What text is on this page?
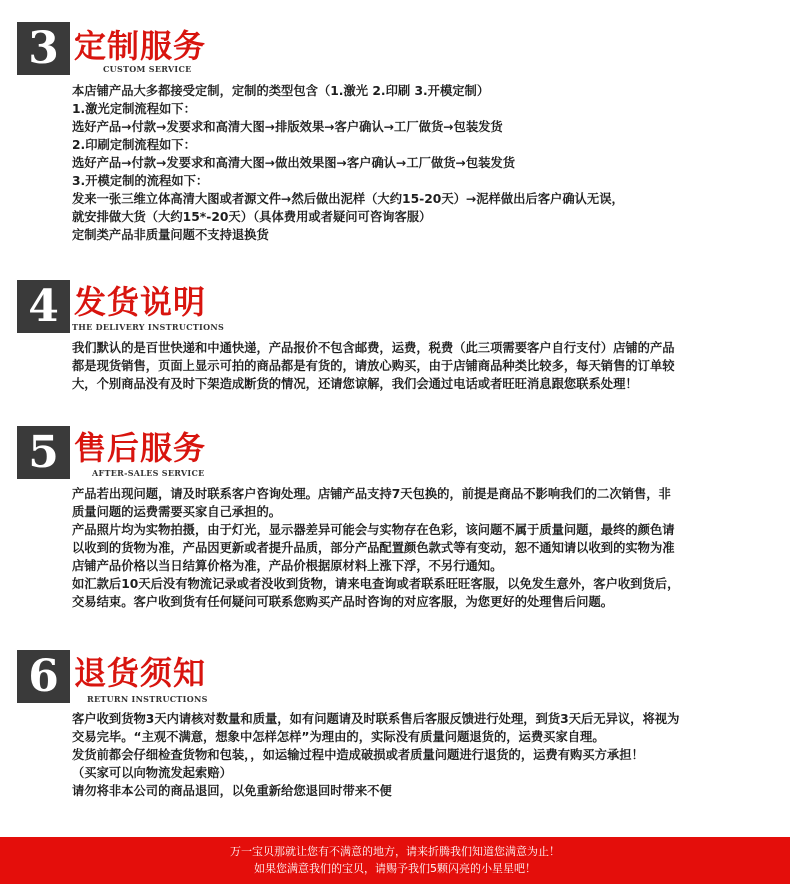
3 定制服务
CUSTOM SERVICE

本店铺产品大多都接受定制，定制的类型包含（1.激光 2.印刷 3.开模定制）

1.激光定制流程如下：

选好产品→付款→发要求和高清大图→排版效果→客户确认→工厂做货→包装发货

2.印刷定制流程如下：

选好产品→付款→发要求和高清大图→做出效果图→客户确认→工厂做货→包装发货

3.开模定制的流程如下：

发来一张三维立体高清大图或者源文件→然后做出泥样（大约15-20天）→泥样做出后客户确认无误，

就安排做大货（大约15*-20天）（具体费用或者疑问可咨询客服）

定制类产品非质量问题不支持退换货

4 发货说明
THE DELIVERY INSTRUCTIONS

我们默认的是百世快递和中通快递，产品报价不包含邮费，运费，税费（此三项需要客户自行支付）店铺的产品

都是现货销售，页面上显示可拍的商品都是有货的，请放心购买，由于店铺商品种类比较多，每天销售的订单较

大，个别商品没有及时下架造成断货的情况，还请您谅解，我们会通过电话或者旺旺消息跟您联系处理！

5 售后服务
AFTER-SALES SERVICE

产品若出现问题，请及时联系客户咨询处理。店铺产品支持7天包换的，前提是商品不影响我们的二次销售，非

质量问题的运费需要买家自己承担的。

产品照片均为实物拍摄，由于灯光，显示器差异可能会与实物存在色彩，该问题不属于质量问题，最终的颜色请

以收到的货物为准，产品因更新或者提升品质，部分产品配置颜色款式等有变动，恕不通知请以收到的实物为准

店铺产品价格以当日结算价格为准，产品价根据原材料上涨下浮，不另行通知。

如汇款后10天后没有物流记录或者没收到货物，请来电查询或者联系旺旺客服，以免发生意外，客户收到货后，

交易结束。客户收到货有任何疑问可联系您购买产品时咨询的对应客服，为您更好的处理售后问题。

6 退货须知
RETURN INSTRUCTIONS

客户收到货物3天内请核对数量和质量，如有问题请及时联系售后客服反馈进行处理，到货3天后无异议，将视为

交易完毕。“主观不满意，想象中怎样怎样”为理由的，实际没有质量问题退货的，运费买家自理。

发货前都会仔细检查货物和包装，，如运输过程中造成破损或者质量问题进行退货的，运费有购买方承担！

（买家可以向物流发起索赔）

请勿将非本公司的商品退回，以免重新给您退回时带来不便

万一宝贝那就让您有不满意的地方，请来折腾我们知道您满意为止！

如果您满意我们的宝贝，请赐予我们5颗闪亮的小星星吧！
